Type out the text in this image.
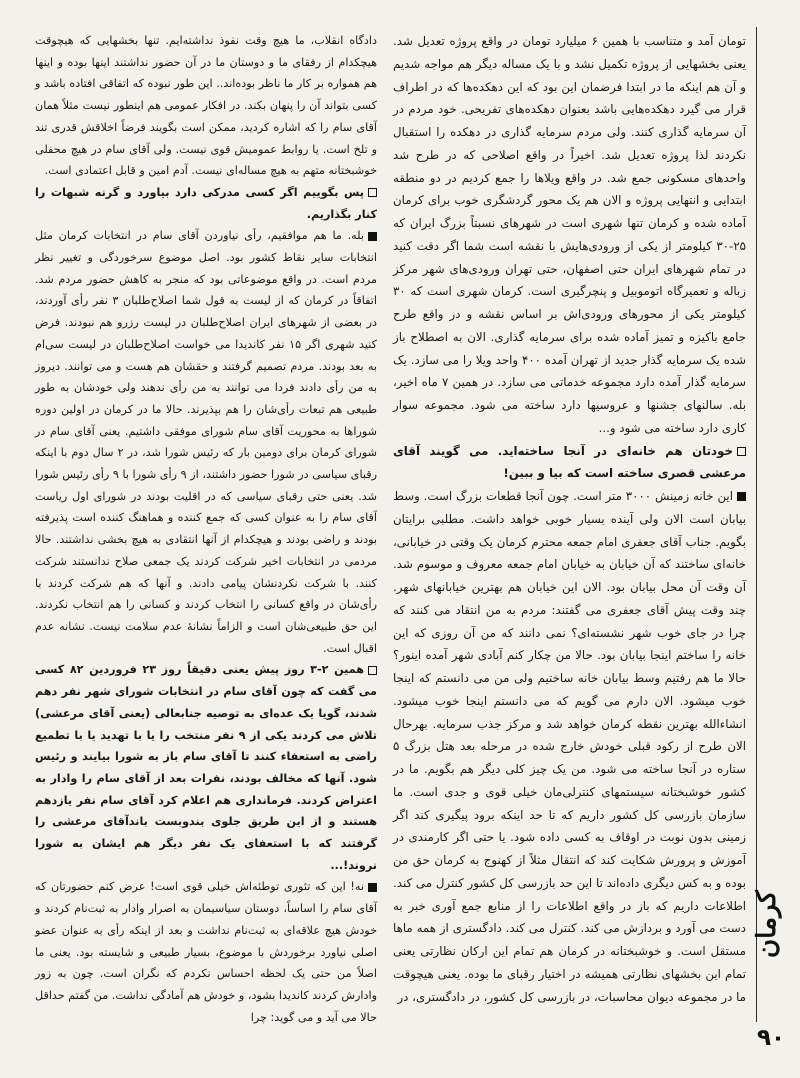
تومان آمد و متناسب با همین ۶ میلیارد تومان در واقع پروژه تعدیل شد. یعنی بخشهایی از پروژه تکمیل نشد و با یک مساله دیگر هم مواجه شدیم و آن هم اینکه ما در ابتدا فرضمان این بود که این دهکده‌ها که در اطراف قرار می گیرد دهکده‌هایی باشد بعنوان دهکده‌های تفریحی. خود مردم در آن سرمایه گذاری کنند. ولی مردم سرمایه گذاری در دهکده را استقبال نکردند لذا پروژه تعدیل شد. اخیراً در واقع اصلاحی که در طرح شد واحدهای مسکونی جمع شد. در واقع ویلاها را جمع کردیم در دو منطقه ابتدایی و انتهایی پروژه و الان هم یک محور گردشگری خوب برای کرمان آماده شده و کرمان تنها شهری است در شهرهای نسبتاً بزرگ ایران که ۲۵-۳۰ کیلومتر از یکی از ورودی‌هایش با نقشه است شما اگر دقت کنید در تمام شهرهای ایران حتی اصفهان، حتی تهران ورودی‌های شهر مرکز زباله و تعمیرگاه اتوموبیل و پنچرگیری است. کرمان شهری است که ۳۰ کیلومتر یکی از محورهای ورودی‌اش بر اساس نقشه و در واقع طرح جامع باکیزه و تمیز آماده شده برای سرمایه گذاری. الان به اصطلاح باز شده یک سرمایه گذار جدید از تهران آمده ۴۰۰ واحد ویلا را می سازد. یک سرمایه گذار آمده دارد مجموعه خدماتی می سازد. در همین ۷ ماه اخیر، بله. سالنهای جشنها و عروسیها دارد ساخته می شود. مجموعه سوار کاری دارد ساخته می شود و...

خودتان هم خانه‌ای در آنجا ساخته‌اید. می گویند آقای مرعشی قصری ساخته است که بیا و ببین!

این خانه زمینش ۳۰۰۰ متر است. چون آنجا قطعات بزرگ است. وسط بیابان است الان ولی آینده بسیار خوبی خواهد داشت. مطلبی برایتان بگویم. جناب آقای جعفری امام جمعه محترم کرمان یک وقتی در خیابانی، خانه‌ای ساختند که آن خیابان به خیابان امام جمعه معروف و موسوم شد. آن وقت آن محل بیابان بود. الان این خیابان هم بهترین خیابانهای شهر. چند وقت پیش آقای جعفری می گفتند: مردم به من انتقاد می کنند که چرا در جای خوب شهر نشسته‌ای؟ نمی دانند که من آن روزی که این خانه را ساختم اینجا بیابان بود. حالا من چکار کنم آبادی شهر آمده اینور؟ حالا ما هم رفتیم وسط بیابان خانه ساختیم ولی من می دانستم که اینجا خوب میشود. الان دارم می گویم که می دانستم اینجا خوب میشود. انشاءالله بهترین نقطه کرمان خواهد شد و مرکز جذب سرمایه. بهرحال الان طرح از رکود قبلی خودش خارج شده در مرحله بعد هتل بزرگ ۵ ستاره در آنجا ساخته می شود. من یک چیز کلی دیگر هم بگویم. ما در کشور خوشبختانه سیستمهای کنترلی‌مان خیلی قوی و جدی است. ما سازمان بازرسی کل کشور داریم که تا حد اینکه برود پیگیری کند اگر زمینی بدون نوبت در اوقاف به کسی داده شود. یا حتی اگر کارمندی در آموزش و پرورش شکایت کند که انتقال مثلاً از کهنوج به کرمان حق من بوده و به کس دیگری داده‌اند تا این حد بازرسی کل کشور کنترل می کند. اطلاعات داریم که باز در واقع اطلاعات را از منابع جمع آوری خبر به دست می آورد و بردازش می کند. کنترل می کند. دادگستری از همه ماها مستقل است. و خوشبختانه در کرمان هم تمام این ارکان نظارتی یعنی تمام این بخشهای نظارتی همیشه در اختیار رقبای ما بوده. یعنی هیچوقت ما در مجموعه دیوان محاسبات، در بازرسی کل کشور، در دادگستری، در

دادگاه انقلاب، ما هیچ وقت نفوذ نداشته‌ایم. تنها بخشهایی که هیچوقت هیچکدام از رفقای ما و دوستان ما در آن حضور نداشتند اینها بوده و اینها هم همواره بر کار ما ناظر بوده‌اند.. این طور نبوده که اتفاقی افتاده باشد و کسی بتواند آن را پنهان بکند. در افکار عمومی هم اینطور نیست مثلاً همان آقای سام را که اشاره کردید، ممکن است بگویند فرضاً اخلاقش قدری تند و تلخ است. یا روابط عمومیش قوی نیست. ولی آقای سام در هیچ محفلی خوشبختانه متهم به هیچ مساله‌ای نیست. آدم امین و قابل اعتمادی است.

پس بگوییم اگر کسی مدرکی دارد بیاورد و گرنه شبهات را کنار بگذاریم.

بله. ما هم موافقیم، رأی نیاوردن آقای سام در انتخابات کرمان مثل انتخابات سایر نقاط کشور بود. اصل موضوع سرخوردگی و تغییر نظر مردم است. در واقع موضوعاتی بود که منجر به کاهش حضور مردم شد. اتفاقاً در کرمان که از لیست به قول شما اصلاح‌طلبان ۳ نفر رأی آوردند، در بعضی از شهرهای ایران اصلاح‌طلبان در لیست رزرو هم نبودند. فرض کنید شهری اگر ۱۵ نفر کاندیدا می خواست اصلاح‌طلبان در لیست سی‌ام به بعد بودند. مردم تصمیم گرفتند و حقشان هم هست و می توانند. دیروز به من رأی دادند فردا می توانند به من رأی ندهند ولی خودشان به طور طبیعی هم تبعات رأی‌شان را هم بپذیرند. حالا ما در کرمان در اولین دوره شوراها به محوریت آقای سام شورای موفقی داشتیم. یعنی آقای سام در شورای کرمان برای دومین بار که رئیس شورا شد، در ۲ سال دوم با اینکه رقبای سیاسی در شورا حضور داشتند، از ۹ رأی شورا با ۹ رأی رئیس شورا شد. یعنی حتی رقبای سیاسی که در اقلیت بودند در شورای اول ریاست آقای سام را به عنوان کسی که جمع کننده و هماهنگ کننده است پذیرفته بودند و راضی بودند و هیچکدام از آنها انتقادی به هیچ بخشی نداشتند. حالا مردمی در انتخابات اخیر شرکت کردند یک جمعی صلاح ندانستند شرکت کنند. با شرکت نکردنشان پیامی دادند. و آنها که هم شرکت کردند با رأی‌شان در واقع کسانی را انتخاب کردند و کسانی را هم انتخاب نکردند. این حق طبیعی‌شان است و الزاماً نشانهٔ عدم سلامت نیست. نشانه عدم اقبال است.

همین ۲-۳ روز پیش یعنی دقیقاً روز ۲۳ فروردین ۸۲ کسی می گفت که چون آقای سام در انتخابات شورای شهر نفر دهم شدند، گویا یک عده‌ای به توصیه جنابعالی (یعنی آقای مرعشی) تلاش می کردند یکی از ۹ نفر منتخب را یا با تهدید یا با تطمیع راضی به استعفاء کنند تا آقای سام باز به شورا بیایند و رئیس شود. آنها که مخالف بودند، نفرات بعد از آقای سام را وادار به اعتراض کردند. فرمانداری هم اعلام کرد آقای سام نفر یازدهم هستند و از این طریق جلوی بندوبست باندآقای مرعشی را گرفتند که با استعفای یک نفر دیگر هم ایشان به شورا نروند!...

نه! این که تئوری توطئه‌اش خیلی قوی است! عرض کنم حضورتان که آقای سام را اساساً، دوستان سیاسیمان به اصرار وادار به ثبت‌نام کردند و خودش هیچ علاقه‌ای به ثبت‌نام نداشت و بعد از اینکه رأی به عنوان عضو اصلی نیاورد برخوردش با موضوع، بسیار طبیعی و شایسته بود. یعنی ما اصلاً من حتی یک لحظه احساس نکردم که نگران است. چون به زور وادارش کردند کاندیدا بشود، و خودش هم آمادگی نداشت. من گفتم حداقل حالا می آید و می گوید: چرا

کرمان
۹۰
